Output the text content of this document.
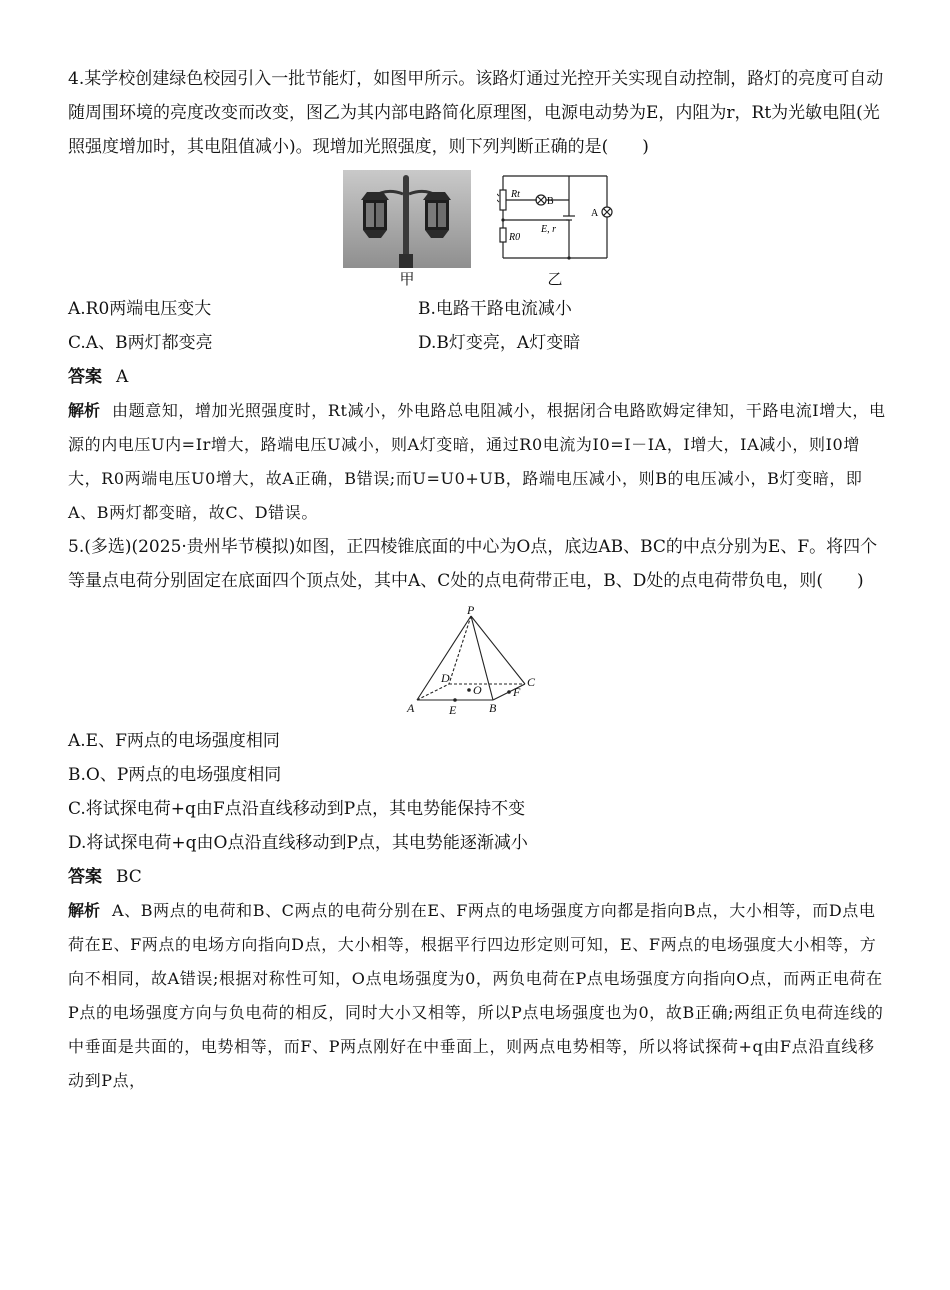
4.某学校创建绿色校园引入一批节能灯，如图甲所示。该路灯通过光控开关实现自动控制，路灯的亮度可自动随周围环境的亮度改变而改变，图乙为其内部电路简化原理图，电源电动势为E，内阻为r，Rt为光敏电阻(光照强度增加时，其电阻值减小)。现增加光照强度，则下列判断正确的是(　　)

甲
Rt
B
R0
E, r
A
乙
A.R0两端电压变大	B.电路干路电流减小
C.A、B两灯都变亮	D.B灯变亮，A灯变暗
答案 A

解析 由题意知，增加光照强度时，Rt减小，外电路总电阻减小，根据闭合电路欧姆定律知，干路电流I增大，电源的内电压U内=Ir增大，路端电压U减小，则A灯变暗，通过R0电流为I0=I－IA，I增大，IA减小，则I0增大，R0两端电压U0增大，故A正确，B错误;而U=U0+UB，路端电压减小，则B的电压减小，B灯变暗，即A、B两灯都变暗，故C、D错误。

5.(多选)(2025·贵州毕节模拟)如图，正四棱锥底面的中心为O点，底边AB、BC的中点分别为E、F。将四个等量点电荷分别固定在底面四个顶点处，其中A、C处的点电荷带正电，B、D处的点电荷带负电，则(　　)

P
A	B
C
D
O
E
F
A.E、F两点的电场强度相同
B.O、P两点的电场强度相同
C.将试探电荷+q由F点沿直线移动到P点，其电势能保持不变
D.将试探电荷+q由O点沿直线移动到P点，其电势能逐渐减小
答案 BC

解析 A、B两点的电荷和B、C两点的电荷分别在E、F两点的电场强度方向都是指向B点，大小相等，而D点电荷在E、F两点的电场方向指向D点，大小相等，根据平行四边形定则可知，E、F两点的电场强度大小相等，方向不相同，故A错误;根据对称性可知，O点电场强度为0，两负电荷在P点电场强度方向指向O点，而两正电荷在P点的电场强度方向与负电荷的相反，同时大小又相等，所以P点电场强度也为0，故B正确;两组正负电荷连线的中垂面是共面的，电势相等，而F、P两点刚好在中垂面上，则两点电势相等，所以将试探荷+q由F点沿直线移动到P点，
